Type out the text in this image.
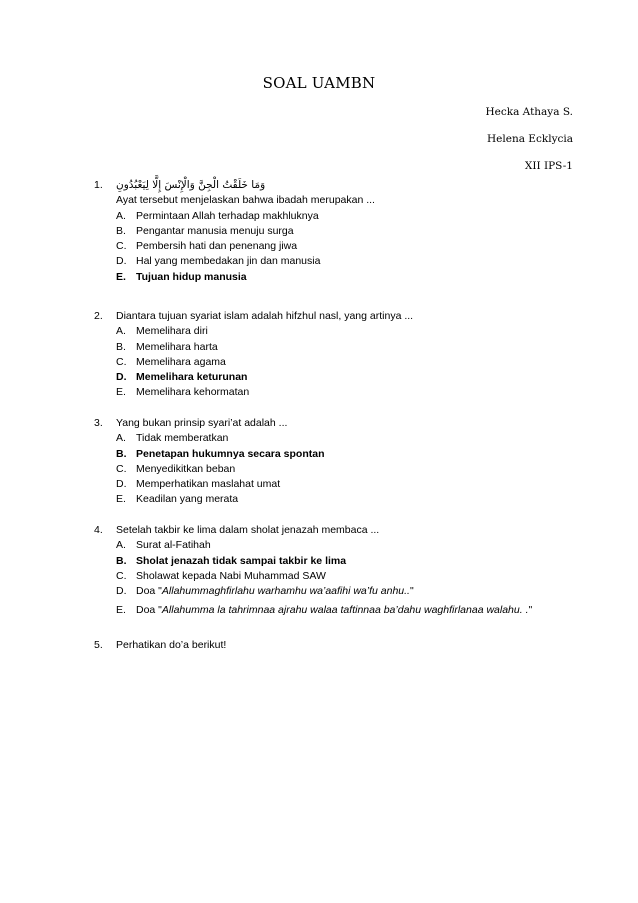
SOAL UAMBN
Hecka Athaya S.
Helena Ecklycia
XII IPS-1
1. وَمَا خَلَقْتُ الْجِنَّ وَالْإِنْسَ إِلَّا لِيَعْبُدُونِ
Ayat tersebut menjelaskan bahwa ibadah merupakan ...
A. Permintaan Allah terhadap makhluknya
B. Pengantar manusia menuju surga
C. Pembersih hati dan penenang jiwa
D. Hal yang membedakan jin dan manusia
E. Tujuan hidup manusia
2. Diantara tujuan syariat islam adalah hifzhul nasl, yang artinya ...
A. Memelihara diri
B. Memelihara harta
C. Memelihara agama
D. Memelihara keturunan
E. Memelihara kehormatan
3. Yang bukan prinsip syari’at adalah ...
A. Tidak memberatkan
B. Penetapan hukumnya secara spontan
C. Menyedikitkan beban
D. Memperhatikan maslahat umat
E. Keadilan yang merata
4. Setelah takbir ke lima dalam sholat jenazah membaca ...
A. Surat al-Fatihah
B. Sholat jenazah tidak sampai takbir ke lima
C. Sholawat kepada Nabi Muhammad SAW
D. Doa "Allahummaghfirlahu warhamhu wa’aafihi wa’fu anhu.."
E. Doa "Allahumma la tahrimnaa ajrahu walaa taftinnaa ba’dahu waghfirlanaa walahu. ."
5. Perhatikan do’a berikut!
